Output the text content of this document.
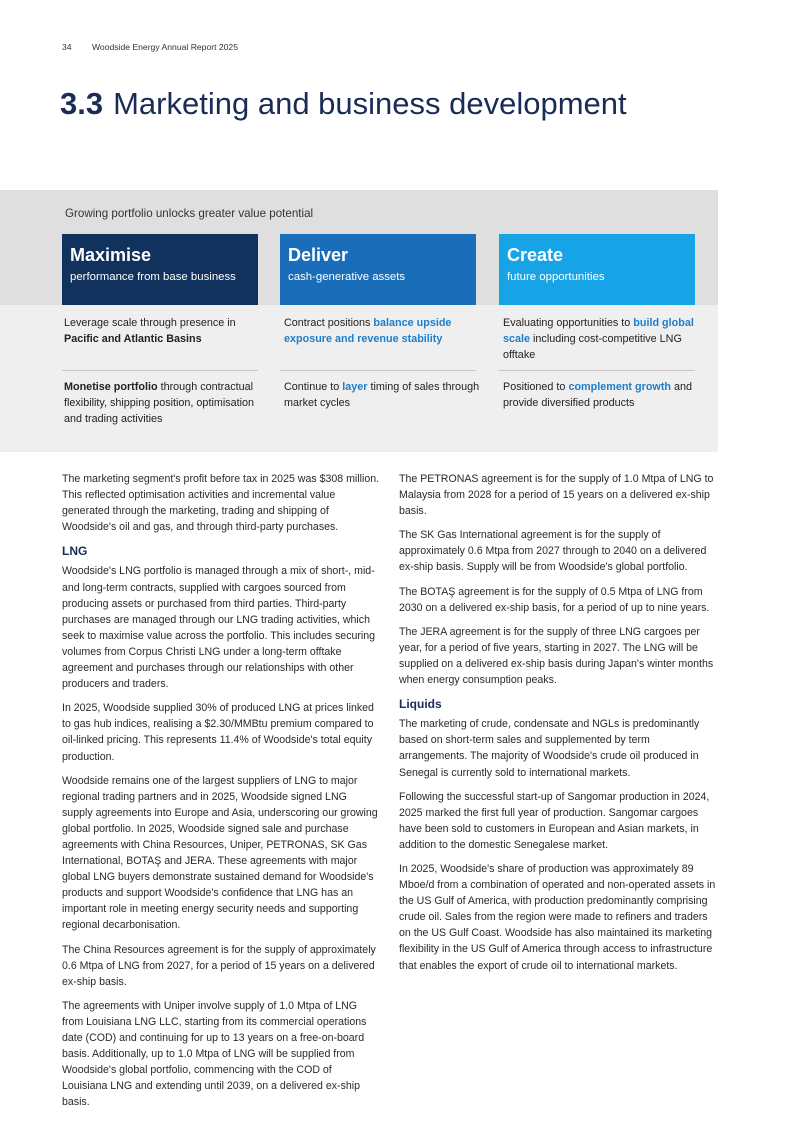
34 Woodside Energy Annual Report 2025
3.3 Marketing and business development
Growing portfolio unlocks greater value potential
Maximise
performance from base business
Deliver
cash-generative assets
Create
future opportunities
Leverage scale through presence in Pacific and Atlantic Basins
Contract positions balance upside exposure and revenue stability
Evaluating opportunities to build global scale including cost-competitive LNG offtake
Monetise portfolio through contractual flexibility, shipping position, optimisation and trading activities
Continue to layer timing of sales through market cycles
Positioned to complement growth and provide diversified products

The marketing segment's profit before tax in 2025 was $308 million. This reflected optimisation activities and incremental value generated through the marketing, trading and shipping of Woodside's oil and gas, and through third-party purchases.

LNG

Woodside's LNG portfolio is managed through a mix of short-, mid- and long-term contracts, supplied with cargoes sourced from producing assets or purchased from third parties. Third-party purchases are managed through our LNG trading activities, which seek to maximise value across the portfolio. This includes securing volumes from Corpus Christi LNG under a long-term offtake agreement and purchases through our relationships with other producers and traders.

In 2025, Woodside supplied 30% of produced LNG at prices linked to gas hub indices, realising a $2.30/MMBtu premium compared to oil-linked pricing. This represents 11.4% of Woodside's total equity production.

Woodside remains one of the largest suppliers of LNG to major regional trading partners and in 2025, Woodside signed LNG supply agreements into Europe and Asia, underscoring our growing global portfolio. In 2025, Woodside signed sale and purchase agreements with China Resources, Uniper, PETRONAS, SK Gas International, BOTAŞ and JERA. These agreements with major global LNG buyers demonstrate sustained demand for Woodside's products and support Woodside's confidence that LNG has an important role in meeting energy security needs and supporting regional decarbonisation.

The China Resources agreement is for the supply of approximately 0.6 Mtpa of LNG from 2027, for a period of 15 years on a delivered ex-ship basis.

The agreements with Uniper involve supply of 1.0 Mtpa of LNG from Louisiana LNG LLC, starting from its commercial operations date (COD) and continuing for up to 13 years on a free-on-board basis. Additionally, up to 1.0 Mtpa of LNG will be supplied from Woodside's global portfolio, commencing with the COD of Louisiana LNG and extending until 2039, on a delivered ex-ship basis.

The PETRONAS agreement is for the supply of 1.0 Mtpa of LNG to Malaysia from 2028 for a period of 15 years on a delivered ex-ship basis.

The SK Gas International agreement is for the supply of approximately 0.6 Mtpa from 2027 through to 2040 on a delivered ex-ship basis. Supply will be from Woodside's global portfolio.

The BOTAŞ agreement is for the supply of 0.5 Mtpa of LNG from 2030 on a delivered ex-ship basis, for a period of up to nine years.

The JERA agreement is for the supply of three LNG cargoes per year, for a period of five years, starting in 2027. The LNG will be supplied on a delivered ex-ship basis during Japan's winter months when energy consumption peaks.

Liquids

The marketing of crude, condensate and NGLs is predominantly based on short-term sales and supplemented by term arrangements. The majority of Woodside's crude oil produced in Senegal is currently sold to international markets.

Following the successful start-up of Sangomar production in 2024, 2025 marked the first full year of production. Sangomar cargoes have been sold to customers in European and Asian markets, in addition to the domestic Senegalese market.

In 2025, Woodside's share of production was approximately 89 Mboe/d from a combination of operated and non-operated assets in the US Gulf of America, with production predominantly comprising crude oil. Sales from the region were made to refiners and traders on the US Gulf Coast. Woodside has also maintained its marketing flexibility in the US Gulf of America through access to infrastructure that enables the export of crude oil to international markets.
